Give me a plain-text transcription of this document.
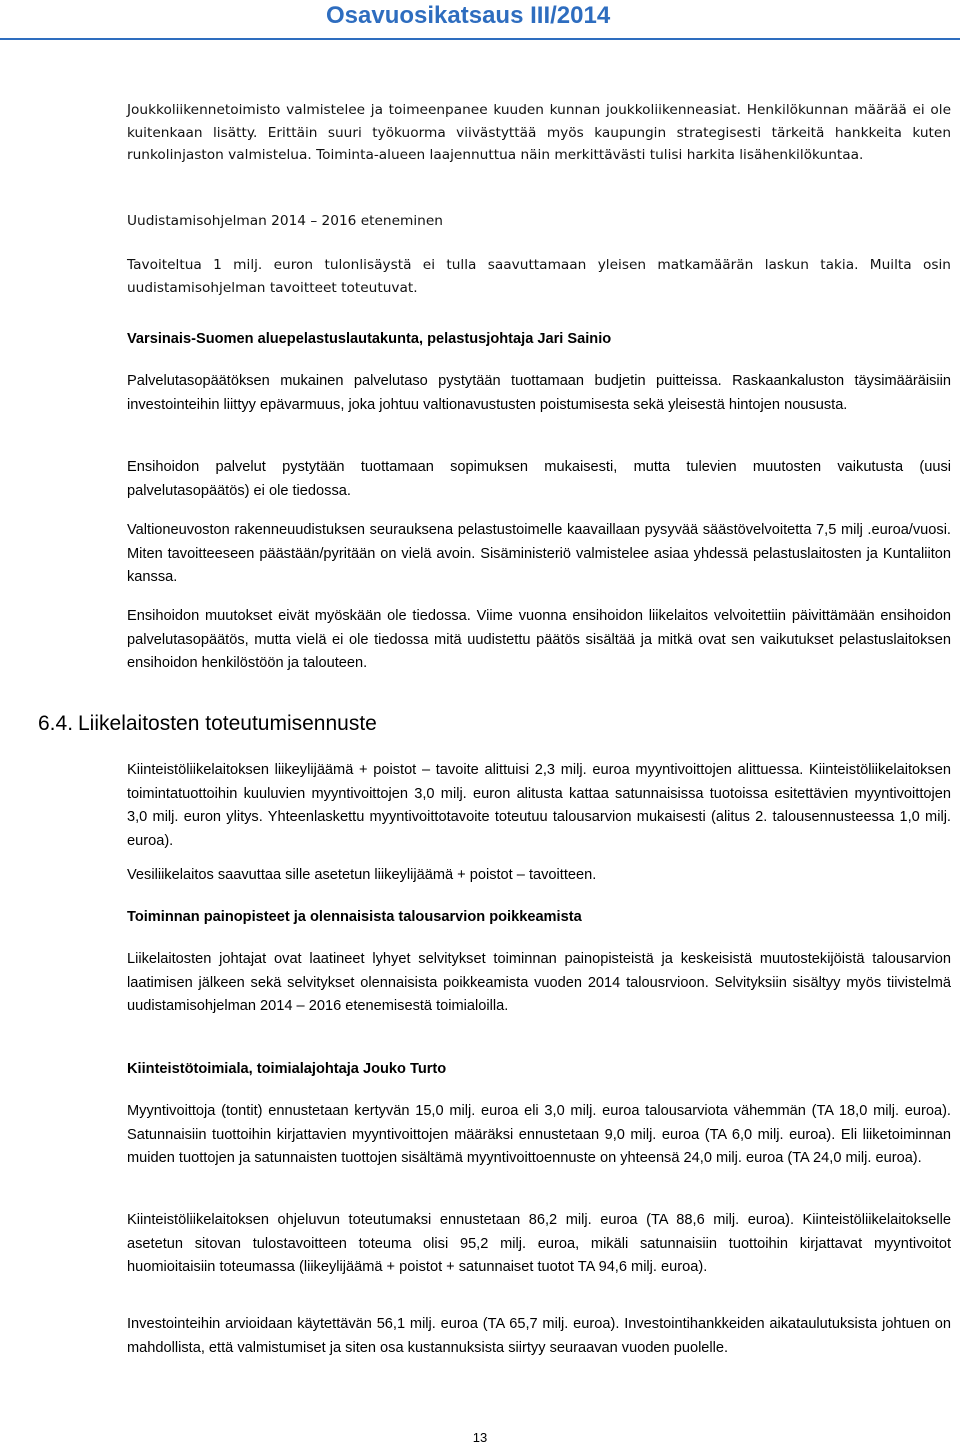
Osavuosikatsaus III/2014

Joukkoliikennetoimisto valmistelee ja toimeenpanee kuuden kunnan joukkoliikenneasiat. Henkilökunnan määrää ei ole kuitenkaan lisätty. Erittäin suuri työkuorma viivästyttää myös kaupungin strategisesti tärkeitä hankkeita kuten runkolinjaston valmistelua. Toiminta-alueen laajennuttua näin merkittävästi tulisi harkita lisähenkilökuntaa.

Uudistamisohjelman 2014 – 2016 eteneminen

Tavoiteltua 1 milj. euron tulonlisäystä ei tulla saavuttamaan yleisen matkamäärän laskun takia. Muilta osin uudistamisohjelman tavoitteet toteutuvat.

Varsinais-Suomen aluepelastuslautakunta, pelastusjohtaja Jari Sainio

Palvelutasopäätöksen mukainen palvelutaso pystytään tuottamaan budjetin puitteissa. Raskaankaluston täysimääräisiin investointeihin liittyy epävarmuus, joka johtuu valtionavustusten poistumisesta sekä yleisestä hintojen noususta.

Ensihoidon palvelut pystytään tuottamaan sopimuksen mukaisesti, mutta tulevien muutosten vaikutusta (uusi palvelutasopäätös) ei ole tiedossa.

Valtioneuvoston rakenneuudistuksen seurauksena pelastustoimelle kaavaillaan pysyvää säästövelvoitetta 7,5 milj .euroa/vuosi. Miten tavoitteeseen päästään/pyritään on vielä avoin. Sisäministeriö valmistelee asiaa yhdessä pelastuslaitosten ja Kuntaliiton kanssa.

Ensihoidon muutokset eivät myöskään ole tiedossa. Viime vuonna ensihoidon liikelaitos velvoitettiin päivittämään ensihoidon palvelutasopäätös, mutta vielä ei ole tiedossa mitä uudistettu päätös sisältää ja mitkä ovat sen vaikutukset pelastuslaitoksen ensihoidon henkilöstöön ja talouteen.

6.4. Liikelaitosten toteutumisennuste

Kiinteistöliikelaitoksen liikeylijäämä + poistot – tavoite alittuisi 2,3 milj. euroa myyntivoittojen alittuessa. Kiinteistöliikelaitoksen toimintatuottoihin kuuluvien myyntivoittojen 3,0 milj. euron alitusta kattaa satunnaisissa tuotoissa esitettävien myyntivoittojen 3,0 milj. euron ylitys. Yhteenlaskettu myyntivoittotavoite toteutuu talousarvion mukaisesti (alitus 2. talousennusteessa 1,0 milj. euroa).

Vesiliikelaitos saavuttaa sille asetetun liikeylijäämä + poistot – tavoitteen.

Toiminnan painopisteet ja olennaisista talousarvion poikkeamista

Liikelaitosten johtajat ovat laatineet lyhyet selvitykset toiminnan painopisteistä ja keskeisistä muutostekijöistä talousarvion laatimisen jälkeen sekä selvitykset olennaisista poikkeamista vuoden 2014 talousrvioon. Selvityksiin sisältyy myös tiivistelmä uudistamisohjelman 2014 – 2016 etenemisestä toimialoilla.

Kiinteistötoimiala, toimialajohtaja Jouko Turto

Myyntivoittoja (tontit) ennustetaan kertyvän 15,0 milj. euroa eli 3,0 milj. euroa talousarviota vähemmän (TA 18,0 milj. euroa). Satunnaisiin tuottoihin kirjattavien myyntivoittojen määräksi ennustetaan 9,0 milj. euroa (TA 6,0 milj. euroa). Eli liiketoiminnan muiden tuottojen ja satunnaisten tuottojen sisältämä myyntivoittoennuste on yhteensä 24,0 milj. euroa (TA 24,0 milj. euroa).

Kiinteistöliikelaitoksen ohjeluvun toteutumaksi ennustetaan 86,2 milj. euroa (TA 88,6 milj. euroa). Kiinteistöliikelaitokselle asetetun sitovan tulostavoitteen toteuma olisi 95,2 milj. euroa, mikäli satunnaisiin tuottoihin kirjattavat myyntivoitot huomioitaisiin toteumassa (liikeylijäämä + poistot + satunnaiset tuotot TA 94,6 milj. euroa).

Investointeihin arvioidaan käytettävän 56,1 milj. euroa (TA 65,7 milj. euroa). Investointihankkeiden aikataulutuksista johtuen on mahdollista, että valmistumiset ja siten osa kustannuksista siirtyy seuraavan vuoden puolelle.

13
